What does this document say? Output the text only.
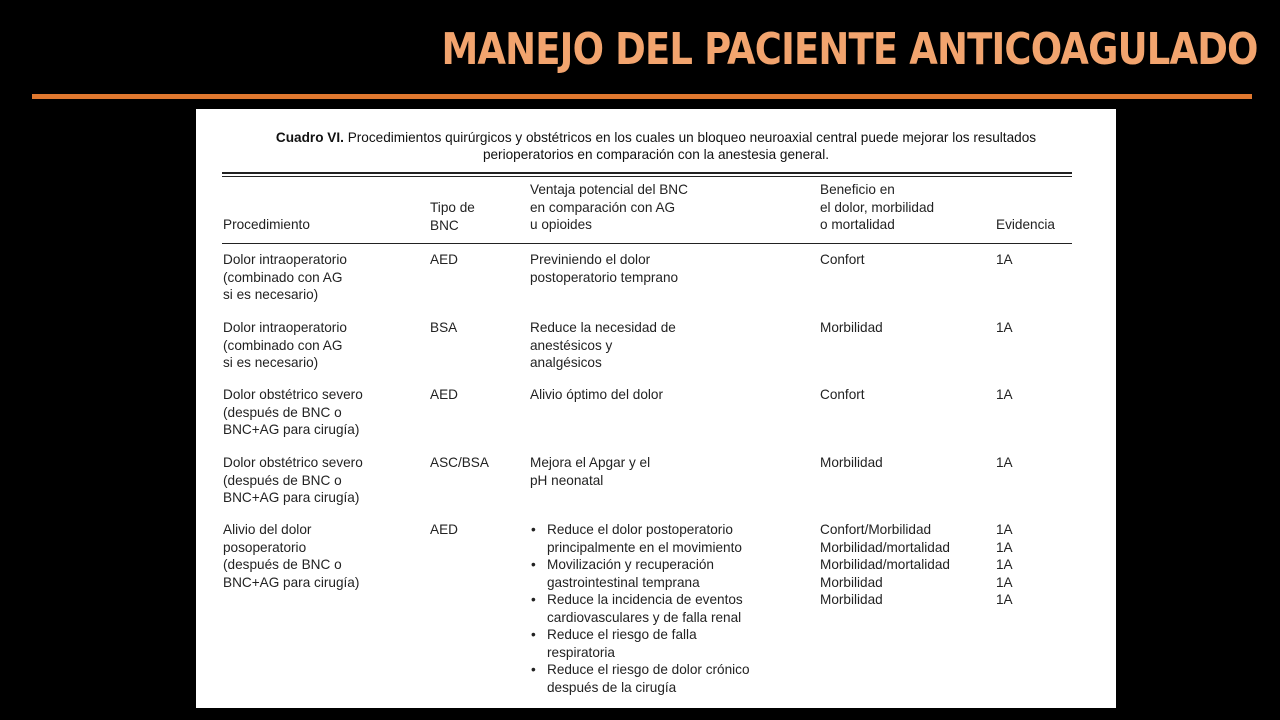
MANEJO DEL PACIENTE ANTICOAGULADO
Cuadro VI. Procedimientos quirúrgicos y obstétricos en los cuales un bloqueo neuroaxial central puede mejorar los resultados perioperatorios en comparación con la anestesia general.
Procedimiento
Tipo de
BNC
Ventaja potencial del BNC
en comparación con AG
u opioides
Beneficio en
el dolor, morbilidad
o mortalidad	Evidencia
Dolor intraoperatorio
(combinado con AG
si es necesario)
AED	Previniendo el dolor
postoperatorio temprano
Confort	1A
Dolor intraoperatorio
(combinado con AG
si es necesario)
BSA	Reduce la necesidad de
anestésicos y
analgésicos
Morbilidad	1A
Dolor obstétrico severo
(después de BNC o
BNC+AG para cirugía)
AED	Alivio óptimo del dolor	Confort	1A
Dolor obstétrico severo
(después de BNC o
BNC+AG para cirugía)
ASC/BSA	Mejora el Apgar y el
pH neonatal
Morbilidad	1A
Alivio del dolor
posoperatorio
(después de BNC o
BNC+AG para cirugía)
AED
•	Reduce el dolor postoperatorio
principalmente en el movimiento
• Movilización y recuperación
gastrointestinal temprana
• Reduce la incidencia de eventos
cardiovasculares y de falla renal
• Reduce el riesgo de falla
respiratoria
• Reduce el riesgo de dolor crónico
después de la cirugía
Confort/Morbilidad
Morbilidad/mortalidad
Morbilidad/mortalidad
Morbilidad
Morbilidad
1A
1A
1A
1A
1A
